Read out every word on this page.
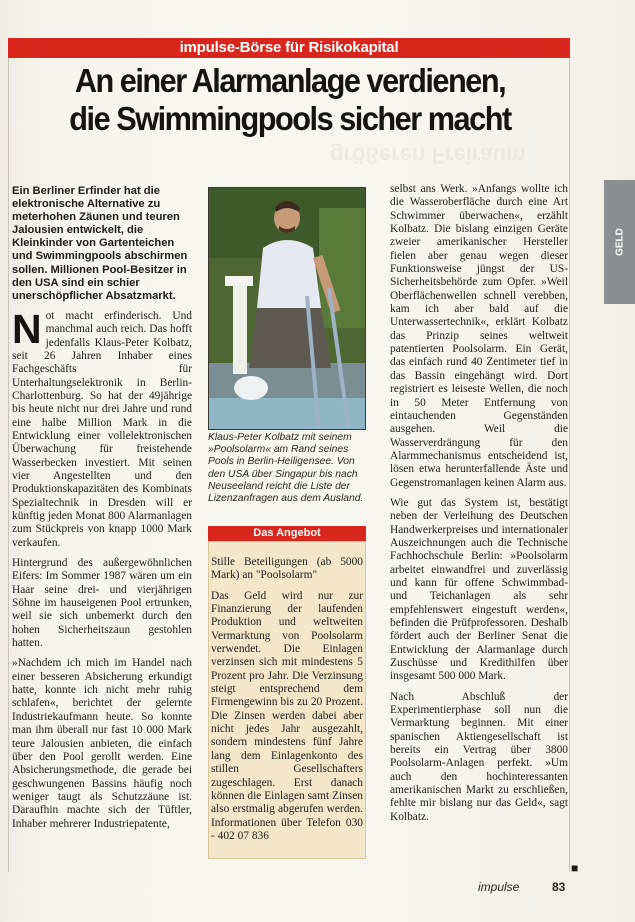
impulse-Börse für Risikokapital
An einer Alarmanlage verdienen,
die Swimmingpools sicher macht
größeren Freiraum

Ein Berliner Erfinder hat die elektronische Alternative zu meterhohen Zäunen und teuren Jalousien entwickelt, die Kleinkinder von Gartenteichen und Swimmingpools abschirmen sollen. Millionen Pool-Besitzer in den USA sind ein schier unerschöpflicher Absatzmarkt.

Not macht erfinderisch. Und manchmal auch reich. Das hofft jedenfalls Klaus-Peter Kolbatz, seit 26 Jahren Inhaber eines Fachgeschäfts für Unterhaltungselektronik in Berlin-Charlottenburg. So hat der 49jährige bis heute nicht nur drei Jahre und rund eine halbe Million Mark in die Entwicklung einer vollelektronischen Überwachung für freistehende Wasserbecken investiert. Mit seinen vier Angestellten und den Produktionskapazitäten des Kombinats Spezialtechnik in Dresden will er künftig jeden Monat 800 Alarmanlagen zum Stückpreis von knapp 1000 Mark verkaufen.

Hintergrund des außergewöhnlichen Eifers: Im Sommer 1987 wären um ein Haar seine drei- und vierjährigen Söhne im hauseigenen Pool ertrunken, weil sie sich unbemerkt durch den hohen Sicherheitszaun gestohlen hatten.

»Nachdem ich mich im Handel nach einer besseren Absicherung erkundigt hatte, konnte ich nicht mehr ruhig schlafen«, berichtet der gelernte Industriekaufmann heute. So konnte man ihm überall nur fast 10 000 Mark teure Jalousien anbieten, die einfach über den Pool gerollt werden. Eine Absicherungsmethode, die gerade bei geschwungenen Bassins häufig noch weniger taugt als Schutzzäune ist. Daraufhin machte sich der Tüftler, Inhaber mehrerer Industriepatente,

Klaus-Peter Kolbatz mit seinem »Poolsolarm« am Rand seines Pools in Berlin-Heiligensee. Von den USA über Singapur bis nach Neuseeland reicht die Liste der Lizenzanfragen aus dem Ausland.
Das Angebot

Stille Beteiligungen (ab 5000 Mark) an "Poolsolarm"

Das Geld wird nur zur Finanzierung der laufenden Produktion und weltweiten Vermarktung von Poolsolarm verwendet. Die Einlagen verzinsen sich mit mindestens 5 Prozent pro Jahr. Die Verzinsung steigt entsprechend dem Firmengewinn bis zu 20 Prozent. Die Zinsen werden dabei aber nicht jedes Jahr ausgezahlt, sondern mindestens fünf Jahre lang dem Einlagenkonto des stillen Gesellschafters zugeschlagen. Erst danach können die Einlagen samt Zinsen also erstmalig abgerufen werden. Informationen über Telefon 030 - 402 07 836

selbst ans Werk. »Anfangs wollte ich die Wasseroberfläche durch eine Art Schwimmer überwachen«, erzählt Kolbatz. Die bislang einzigen Geräte zweier amerikanischer Hersteller fielen aber genau wegen dieser Funktionsweise jüngst der US-Sicherheitsbehörde zum Opfer. »Weil Oberflächenwellen schnell verebben, kam ich aber bald auf die Unterwassertechnik«, erklärt Kolbatz das Prinzip seines weltweit patentierten Poolsolarm. Ein Gerät, das einfach rund 40 Zentimeter tief in das Bassin eingehängt wird. Dort registriert es leiseste Wellen, die noch in 50 Meter Entfernung von eintauchenden Gegenständen ausgehen. Weil die Wasserverdrängung für den Alarmmechanismus entscheidend ist, lösen etwa herunterfallende Äste und Gegenstromanlagen keinen Alarm aus.

Wie gut das System ist, bestätigt neben der Verleihung des Deutschen Handwerkerpreises und internationaler Auszeichnungen auch die Technische Fachhochschule Berlin: »Poolsolarm arbeitet einwandfrei und zuverlässig und kann für offene Schwimmbad- und Teichanlagen als sehr empfehlenswert eingestuft werden«, befinden die Prüfprofessoren. Deshalb fördert auch der Berliner Senat die Entwicklung der Alarmanlage durch Zuschüsse und Kredithilfen über insgesamt 500 000 Mark.

Nach Abschluß der Experimentierphase soll nun die Vermarktung beginnen. Mit einer spanischen Aktiengesellschaft ist bereits ein Vertrag über 3800 Poolsolarm-Anlagen perfekt. »Um auch den hochinteressanten amerikanischen Markt zu erschließen, fehlte mir bislang nur das Geld«, sagt Kolbatz.

■
GELD
impulse	83
